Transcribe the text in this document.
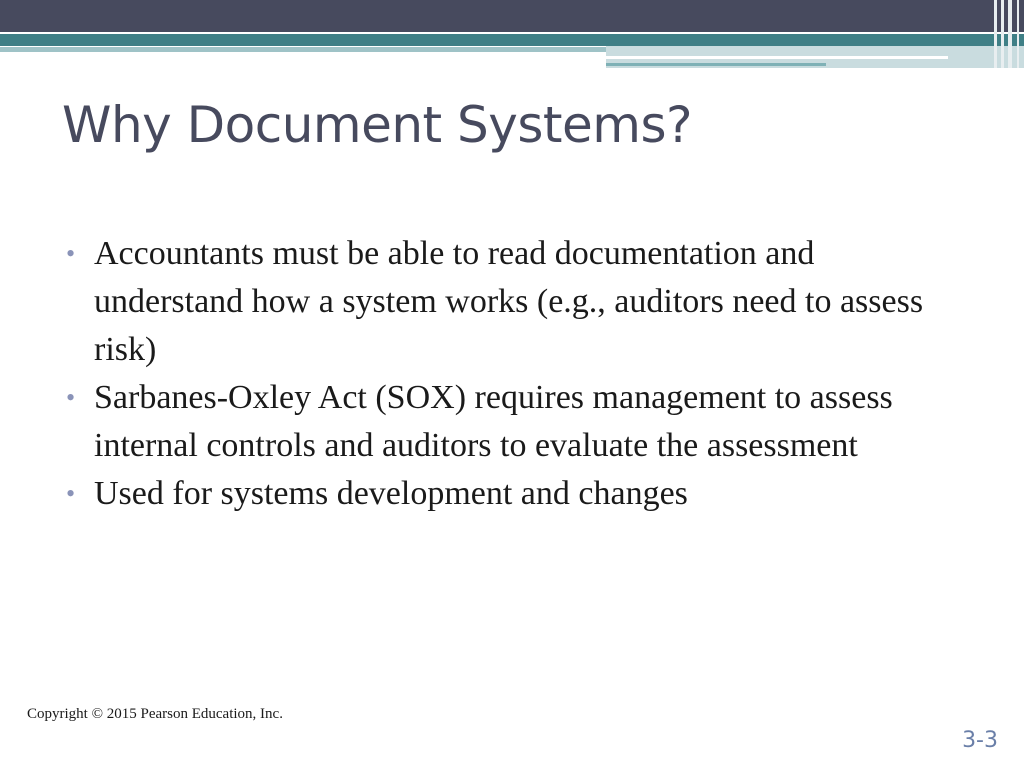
Why Document Systems?
• Accountants must be able to read documentation and understand how a system works (e.g., auditors need to assess risk)
• Sarbanes-Oxley Act (SOX) requires management to assess internal controls and auditors to evaluate the assessment
• Used for systems development and changes
Copyright © 2015 Pearson Education, Inc.
3-3
